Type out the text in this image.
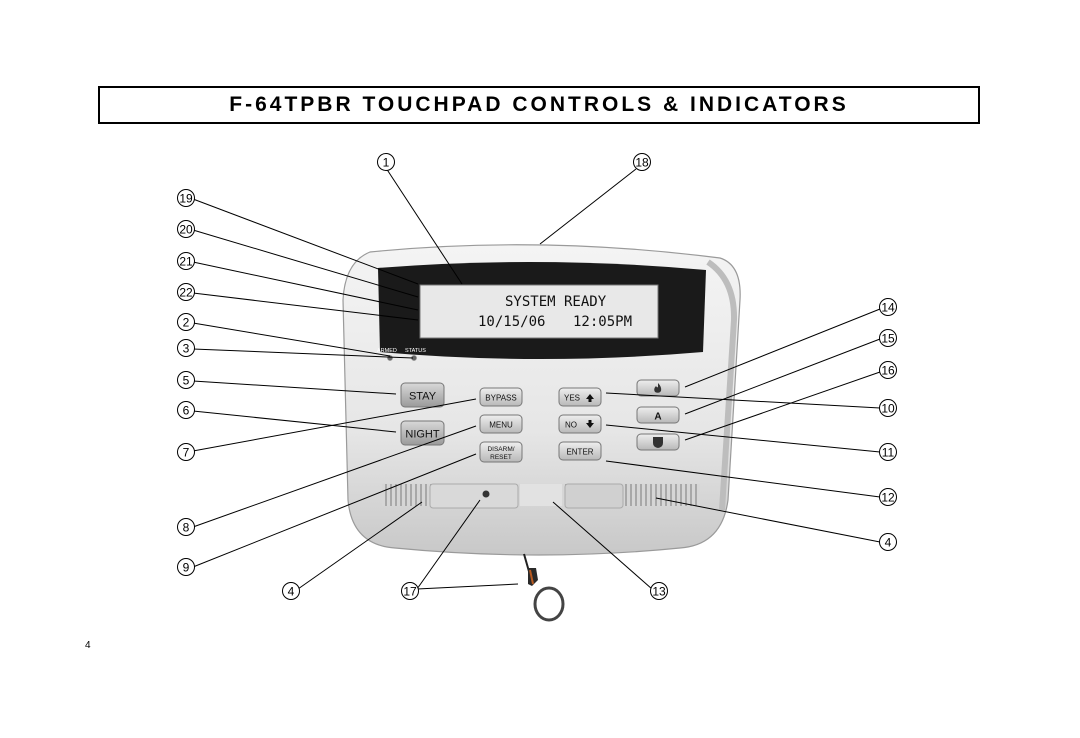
F-64TPBR TOUCHPAD CONTROLS & INDICATORS
SYSTEM READY
10/15/06 12:05PM
ARMED STATUS
STAY
NIGHT
BYPASS
MENU
DISARM/
RESET
YES
NO
ENTER
A
1	18
19
20
21
22
2
3
5
6
7
8
9
4	17	13
14
15
16
10
11
12
4
4
